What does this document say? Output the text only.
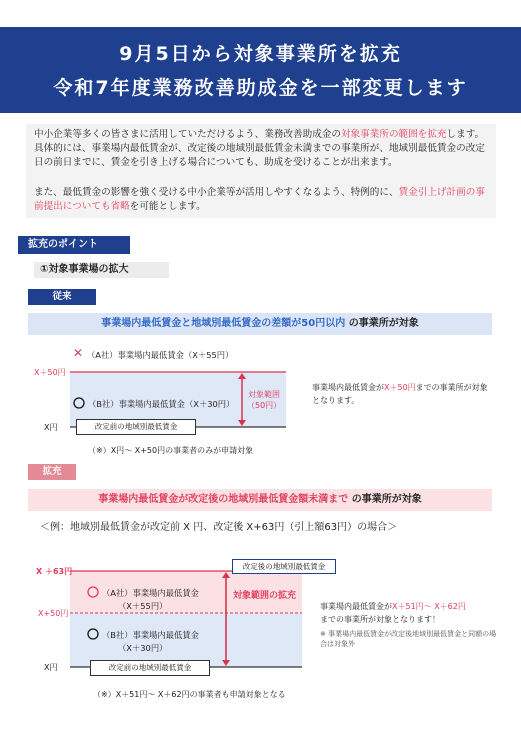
9月5日から対象事業所を拡充
令和7年度業務改善助成金を一部変更します

中小企業等多くの皆さまに活用していただけるよう、業務改善助成金の対象事業所の範囲を拡充します。具体的には、事業場内最低賃金が、改定後の地域別最低賃金未満までの事業所が、地域別最低賃金の改定日の前日までに、賃金を引き上げる場合についても、助成を受けることが出来ます。

また、最低賃金の影響を強く受ける中小企業等が活用しやすくなるよう、特例的に、賃金引上げ計画の事前提出についても省略を可能とします。

拡充のポイント
①対象事業場の拡大
従来
事業場内最低賃金と地域別最低賃金の差額が50円以内 の事業所が対象
✕ （A社）事業場内最低賃金（X＋55円）
（B社）事業場内最低賃金（X＋30円）
X＋50円
X円
対象範囲
（50円）
改定前の地域別最低賃金
事業場内最低賃金がX＋50円までの事業所が対象となります。
（※）X円～ X+50円の事業者のみが申請対象
拡充
事業場内最低賃金が改定後の地域別最低賃金額未満まで の事業所が対象
＜例：地域別最低賃金が改定前 X 円、改定後 X+63円（引上額63円）の場合＞
X ＋63円
X+50円
X円
改定後の地域別最低賃金
対象範囲の拡充
（A社）事業場内最低賃金
（X＋55円）
（B社）事業場内最低賃金
（X＋30円）
改定前の地域別最低賃金
事業場内最低賃金がX＋51円～ X＋62円
までの事業所が対象となります！
※ 事業場内最低賃金が改定後地域別最低賃金と同額の場合は対象外
（※）X＋51円～ X＋62円の事業者も申請対象となる
